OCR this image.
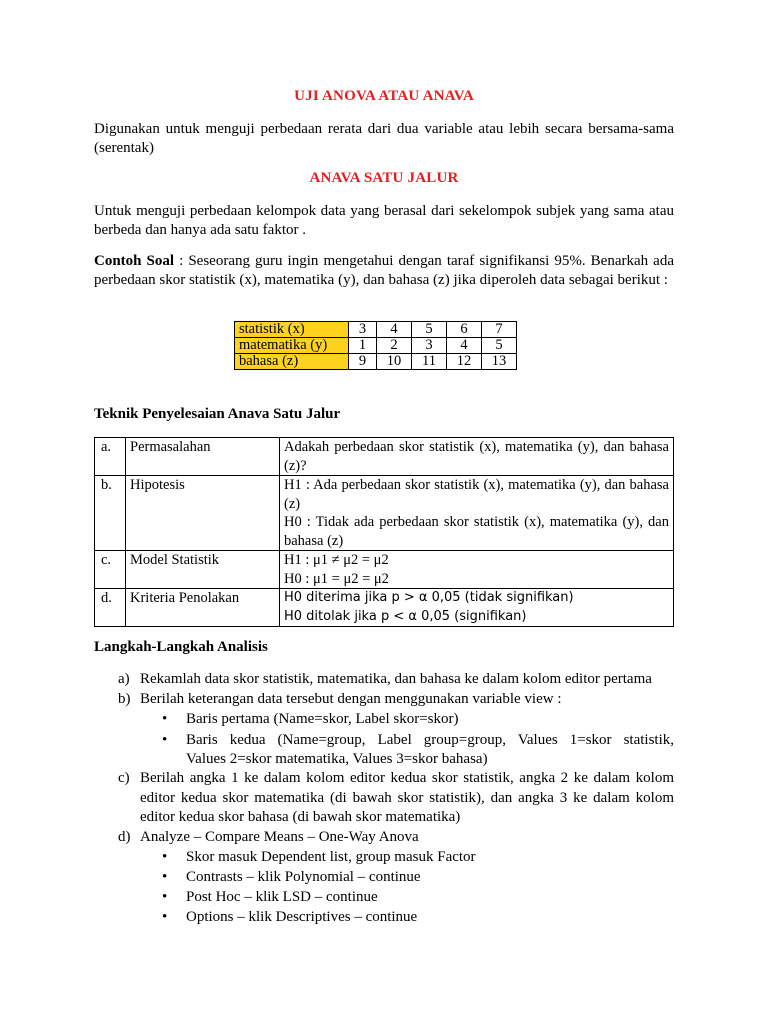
UJI ANOVA ATAU ANAVA
Digunakan untuk menguji perbedaan rerata dari dua variable atau lebih secara bersama-sama (serentak)
ANAVA SATU JALUR
Untuk menguji perbedaan kelompok data yang berasal dari sekelompok subjek yang sama atau berbeda dan hanya ada satu faktor .
Contoh Soal : Seseorang guru ingin mengetahui dengan taraf signifikansi 95%. Benarkah ada perbedaan skor statistik (x), matematika (y), dan bahasa (z) jika diperoleh data sebagai berikut :
statistik (x)	3	4	5	6	7
matematika (y)	1	2	3	4	5
bahasa (z)	9	10	11	12	13
Teknik Penyelesaian Anava Satu Jalur
a.	Permasalahan	Adakah perbedaan skor statistik (x), matematika (y), dan bahasa (z)?

b.	Hipotesis	H1 : Ada perbedaan skor statistik (x), matematika (y), dan bahasa (z)
H0 : Tidak ada perbedaan skor statistik (x), matematika (y), dan bahasa (z)

c.	Model Statistik	H1 : μ1 ≠ μ2 = μ2
H0 : μ1 = μ2 = μ2

d.	Kriteria Penolakan	H0 diterima jika p > α 0,05 (tidak signifikan)
H0 ditolak jika p < α 0,05 (signifikan)
Langkah-Langkah Analisis
a) Rekamlah data skor statistik, matematika, dan bahasa ke dalam kolom editor pertama
b) Berilah keterangan data tersebut dengan menggunakan variable view :
• Baris pertama (Name=skor, Label skor=skor)
• Baris kedua (Name=group, Label group=group, Values 1=skor statistik,
Values 2=skor matematika, Values 3=skor bahasa)
c) Berilah angka 1 ke dalam kolom editor kedua skor statistik, angka 2 ke dalam kolom
editor kedua skor matematika (di bawah skor statistik), dan angka 3 ke dalam kolom
editor kedua skor bahasa (di bawah skor matematika)
d) Analyze – Compare Means – One-Way Anova
• Skor masuk Dependent list, group masuk Factor
• Contrasts – klik Polynomial – continue
• Post Hoc – klik LSD – continue
• Options – klik Descriptives – continue
